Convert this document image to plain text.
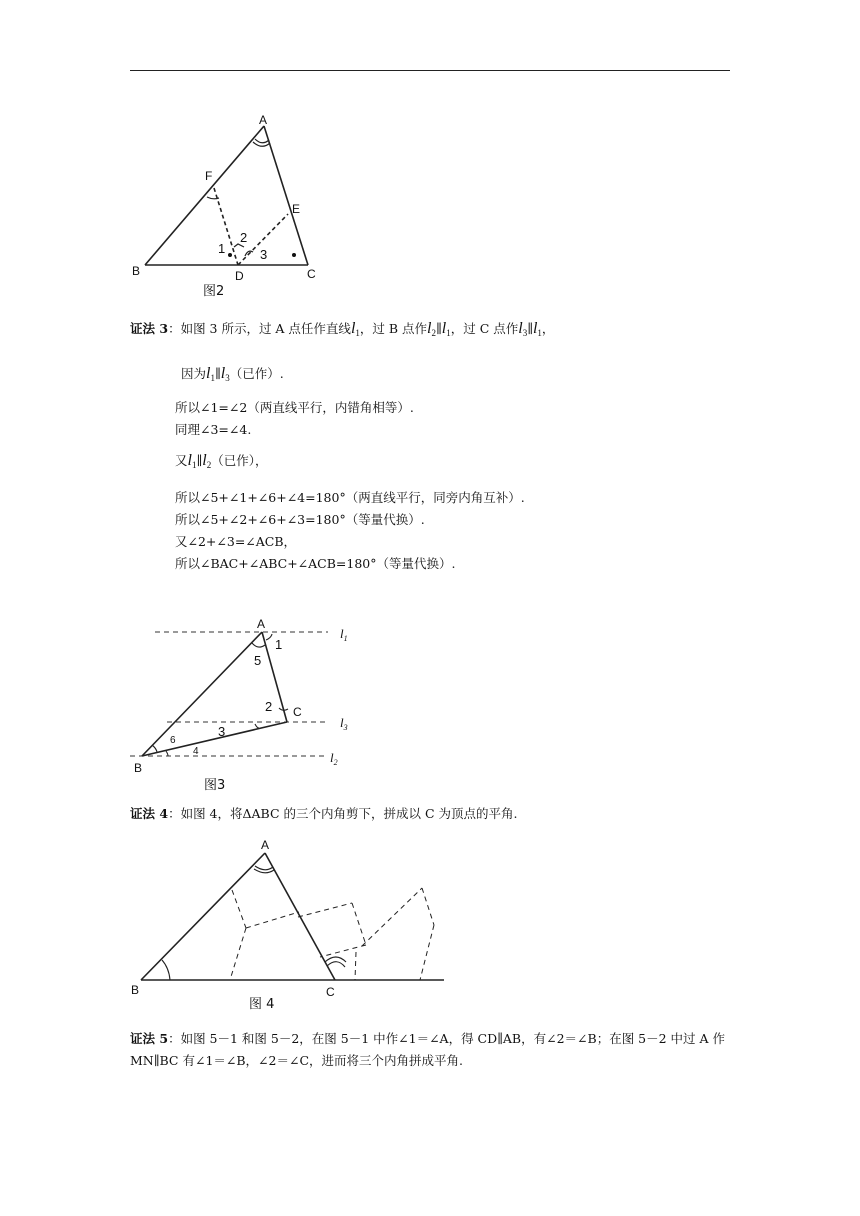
A
F
E
B	D	C
1
2
3
图2
证法 3：如图 3 所示，过 A 点任作直线$l_1$，过 B 点作$l_2\parallel l_1$，过 C 点作$l_3\parallel l_1$，
因为$l_1\parallel l_3$（已作）.
所以∠1=∠2（两直线平行，内错角相等）.
同理∠3=∠4.
又$l_1\parallel l_2$（已作），
所以∠5+∠1+∠6+∠4=180°（两直线平行，同旁内角互补）.
所以∠5+∠2+∠6+∠3=180°（等量代换）.
又∠2+∠3=∠ACB，
所以∠BAC+∠ABC+∠ACB=180°（等量代换）.
A
B
C
1
5
2
3
6
4
$l_1$
$l_3$
$l_2$
图3
证法 4：如图 4，将ΔABC 的三个内角剪下，拼成以 C 为顶点的平角.
A
B	C
图 4
证法 5：如图 5－1 和图 5－2，在图 5－1 中作∠1＝∠A，得 CD∥AB，有∠2＝∠B；在图 5－2 中过 A 作 MN∥BC 有∠1＝∠B，∠2＝∠C，进而将三个内角拼成平角.
